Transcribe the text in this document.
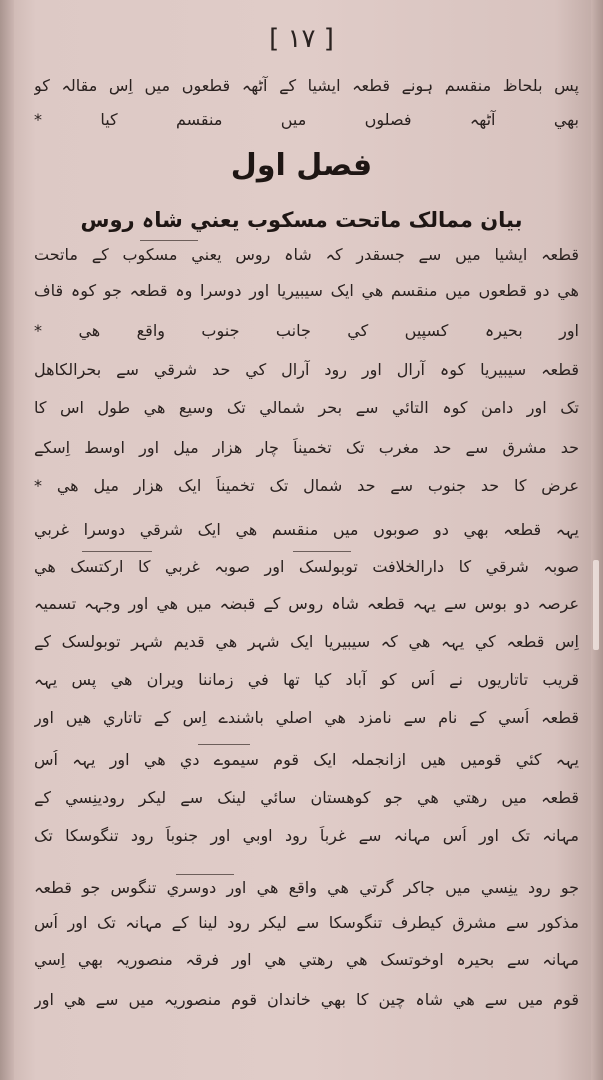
[ ۱۷ ]
پس بلحاظ منقسم ہونے قطعہ ایشیا کے آٹھہ قطعوں میں اِس مقالہ کو
بھي آٹھہ فصلوں میں منقسم کیا *
فصل اول
بیان ممالک ماتحت مسکوب یعني شاہ روس
قطعہ ایشیا میں سے جسقدر کہ شاہ روس یعني مسکوب کے ماتحت
هي دو قطعوں میں منقسم هي ایک سیبیریا اور دوسرا وہ قطعہ جو کوہ قاف
اور بحیرہ کسپیں کي جانب جنوب واقع هي *
قطعہ سیبیریا کوہ آرال اور رود آرال کي حد شرقي سے بحرالکاهل
تک اور دامن کوہ التائي سے بحر شمالي تک وسیع هي طول اس کا
حد مشرق سے حد مغرب تک تخمیناً چار هزار میل اور اوسط اِسکے
عرض کا حد جنوب سے حد شمال تک تخمیناً ایک هزار میل هي *
یہہ قطعہ بھي دو صوبوں میں منقسم هي ایک شرقي دوسرا غربي
صوبہ شرقي کا دارالخلافت توبولسک اور صوبہ غربي کا ارکتسک هي
عرصہ دو بوس سے یہہ قطعہ شاہ روس کے قبضہ میں هي اور وجہہ تسمیہ
اِس قطعہ کي یہہ هي کہ سیبیریا ایک شہر هي قدیم شہر توبولسک کے
قریب تاتاریوں نے اُس کو آباد کیا تھا في زماننا ویران هي پس یہہ
قطعہ اُسي کے نام سے نامزد هي اصلي باشندے اِس کے تاتاري هیں اور
یہہ کئي قومیں هیں ازانجملہ ایک قوم سیموے دي هي اور یہہ اُس
قطعہ میں رهتي هي جو کوهستان سائي لینک سے لیکر رودینِسي کے
مہانہ تک اور اُس مہانہ سے غرباً رود اوبي اور جنوباً رود تنگوسکا تک
جو رود ینِسي میں جاکر گرتي هي واقع هي اور دوسري تنگوس جو قطعہ
مذکور سے مشرق کیطرف تنگوسکا سے لیکر رود لینا کے مہانہ تک اور اُس
مہانہ سے بحیرہ اوخوتسک هي رهتي هي اور فرقہ منصوریہ بھي اِسي
قوم میں سے هي شاہ چین کا بھي خاندان قوم منصوریہ میں سے هي اور
